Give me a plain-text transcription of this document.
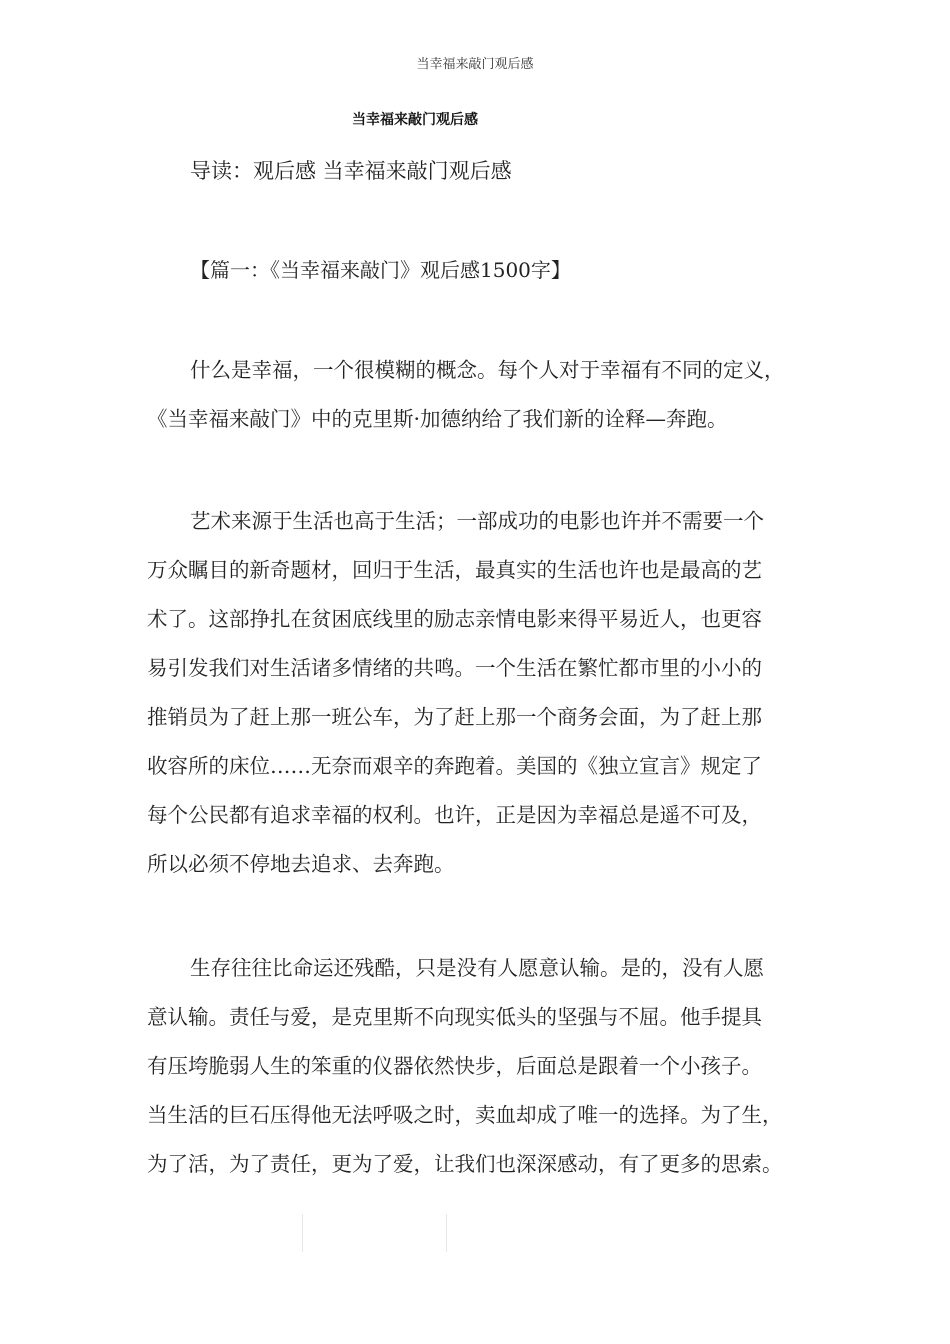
当幸福来敲门观后感
当幸福来敲门观后感
导读：观后感 当幸福来敲门观后感
【篇一：《当幸福来敲门》观后感1500字】
什么是幸福，一个很模糊的概念。每个人对于幸福有不同的定义，
《当幸福来敲门》中的克里斯·加德纳给了我们新的诠释—奔跑。
艺术来源于生活也高于生活；一部成功的电影也许并不需要一个
万众瞩目的新奇题材，回归于生活，最真实的生活也许也是最高的艺
术了。这部挣扎在贫困底线里的励志亲情电影来得平易近人，也更容
易引发我们对生活诸多情绪的共鸣。一个生活在繁忙都市里的小小的
推销员为了赶上那一班公车，为了赶上那一个商务会面，为了赶上那
收容所的床位……无奈而艰辛的奔跑着。美国的《独立宣言》规定了
每个公民都有追求幸福的权利。也许，正是因为幸福总是遥不可及，
所以必须不停地去追求、去奔跑。
生存往往比命运还残酷，只是没有人愿意认输。是的，没有人愿
意认输。责任与爱，是克里斯不向现实低头的坚强与不屈。他手提具
有压垮脆弱人生的笨重的仪器依然快步，后面总是跟着一个小孩子。
当生活的巨石压得他无法呼吸之时，卖血却成了唯一的选择。为了生，
为了活，为了责任，更为了爱，让我们也深深感动，有了更多的思索。
